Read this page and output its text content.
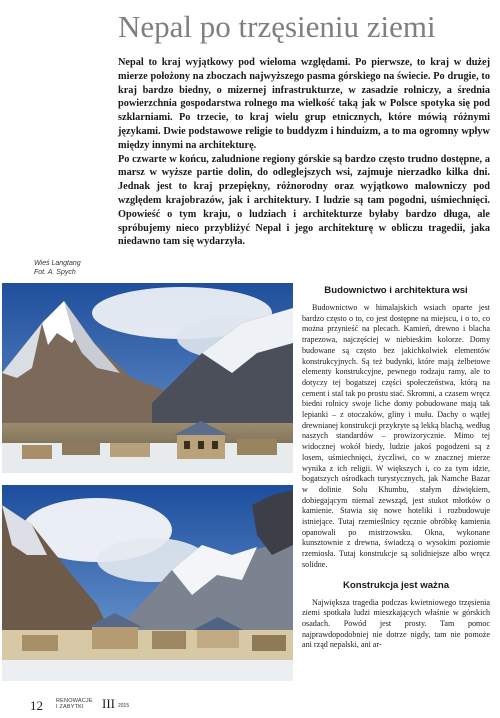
Nepal po trzęsieniu ziemi

Nepal to kraj wyjątkowy pod wieloma względami. Po pierwsze, to kraj w dużej mierze położony na zboczach najwyższego pasma górskiego na świecie. Po drugie, to kraj bardzo biedny, o mizernej infrastrukturze, w zasadzie rolniczy, a średnia powierzchnia gospodarstwa rolnego ma wielkość taką jak w Polsce spotyka się pod szklarniami. Po trzecie, to kraj wielu grup etnicznych, które mówią różnymi językami. Dwie podstawowe religie to buddyzm i hinduizm, a to ma ogromny wpływ między innymi na architekturę.

Po czwarte w końcu, zaludnione regiony górskie są bardzo często trudno dostępne, a marsz w wyższe partie dolin, do odleglejszych wsi, zajmuje nierzadko kilka dni. Jednak jest to kraj przepiękny, różnorodny oraz wyjątkowo malowniczy pod względem krajobrazów, jak i architektury. I ludzie są tam pogodni, uśmiechnięci. Opowieść o tym kraju, o ludziach i architekturze byłaby bardzo długa, ale spróbujemy nieco przybliżyć Nepal i jego architekturę w obliczu tragedii, jaka niedawno tam się wydarzyła.

Wieś Langtang
Fot. A. Spych
Budownictwo i architektura wsi

Budownictwo w himalajskich wsiach oparte jest bardzo często o to, co jest dostępne na miejscu, i o to, co można przynieść na plecach. Kamień, drewno i blacha trapezowa, najczęściej w niebieskim kolorze. Domy budowane są często bez jakichkolwiek elementów konstrukcyjnych. Są też budynki, które mają żelbetowe elementy konstrukcyjne, pewnego rodzaju ramy, ale to dotyczy tej bogatszej części społeczeństwa, którą na cement i stal tak po prostu stać. Skromni, a czasem wręcz biedni rolnicy swoje liche domy pobudowane mają tak lepianki – z otoczaków, gliny i mułu. Dachy o wątłej drewnianej konstrukcji przykryte są lekką blachą, według naszych standardów – prowizorycznie. Mimo tej widocznej wokół biedy, ludzie jakoś pogodzeni są z losem, uśmiechnięci, życzliwi, co w znacznej mierze wynika z ich religii. W większych i, co za tym idzie, bogatszych ośrodkach turystycznych, jak Namche Bazar w dolinie Solu Khumbu, stałym dźwiękiem, dobiegającym niemal zewsząd, jest stukot młotków o kamienie. Stawia się nowe hoteliki i rozbudowuje istniejące. Tutaj rzemieślnicy ręcznie obróbkę kamienia opanowali po mistrzowsku. Okna, wykonane kunsztownie z drewna, świadczą o wysokim poziomie rzemiosła. Tutaj konstrukcje są solidniejsze albo wręcz solidne.

Konstrukcja jest ważna

Największa tragedia podczas kwietniowego trzęsienia ziemi spotkała ludzi mieszkających właśnie w górskich osadach. Powód jest prosty. Tam pomoc najprawdopodobniej nie dotrze nigdy, tam nie pomoże ani rząd nepalski, ani ar-

12 RENOWACJE
I ZABYTKI	III 2015
